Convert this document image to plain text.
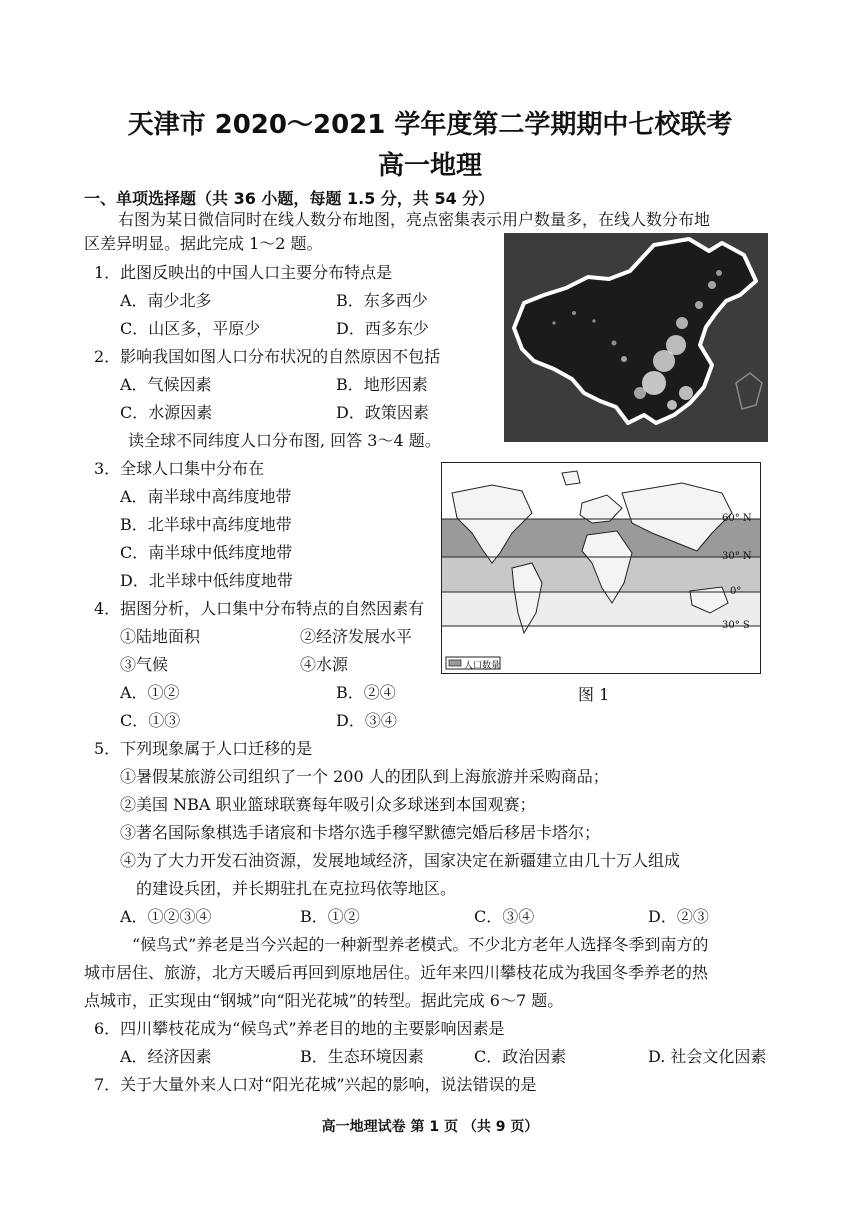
天津市 2020～2021 学年度第二学期期中七校联考
高一地理
一、单项选择题（共 36 小题，每题 1.5 分，共 54 分）
右图为某日微信同时在线人数分布地图，亮点密集表示用户数量多，在线人数分布地
区差异明显。据此完成 1～2 题。
1．此图反映出的中国人口主要分布特点是
A．南少北多	B．东多西少
C．山区多，平原少	D．西多东少
2．影响我国如图人口分布状况的自然原因不包括
A．气候因素	B．地形因素
C．水源因素	D．政策因素
读全球不同纬度人口分布图, 回答 3～4 题。
3．全球人口集中分布在
A．南半球中高纬度地带
B．北半球中高纬度地带
C．南半球中低纬度地带
D．北半球中低纬度地带
60° N
30° N
0°
30° S
人口数量
图 1
4．据图分析，人口集中分布特点的自然因素有
①陆地面积	②经济发展水平
③气候	④水源
A．①②	B．②④
C．①③	D．③④
5．下列现象属于人口迁移的是
①暑假某旅游公司组织了一个 200 人的团队到上海旅游并采购商品；
②美国 NBA 职业篮球联赛每年吸引众多球迷到本国观赛；
③著名国际象棋选手诸宸和卡塔尔选手穆罕默德完婚后移居卡塔尔；
④为了大力开发石油资源，发展地域经济，国家决定在新疆建立由几十万人组成
的建设兵团，并长期驻扎在克拉玛依等地区。
A．①②③④	B．①②	C．③④	D．②③
“候鸟式”养老是当今兴起的一种新型养老模式。不少北方老年人选择冬季到南方的
城市居住、旅游，北方天暖后再回到原地居住。近年来四川攀枝花成为我国冬季养老的热
点城市，正实现由“钢城”向“阳光花城”的转型。据此完成 6～7 题。
6．四川攀枝花成为“候鸟式”养老目的地的主要影响因素是
A．经济因素	B．生态环境因素	C．政治因素	D. 社会文化因素
7．关于大量外来人口对“阳光花城”兴起的影响，说法错误的是
高一地理试卷 第 1 页 （共 9 页）
